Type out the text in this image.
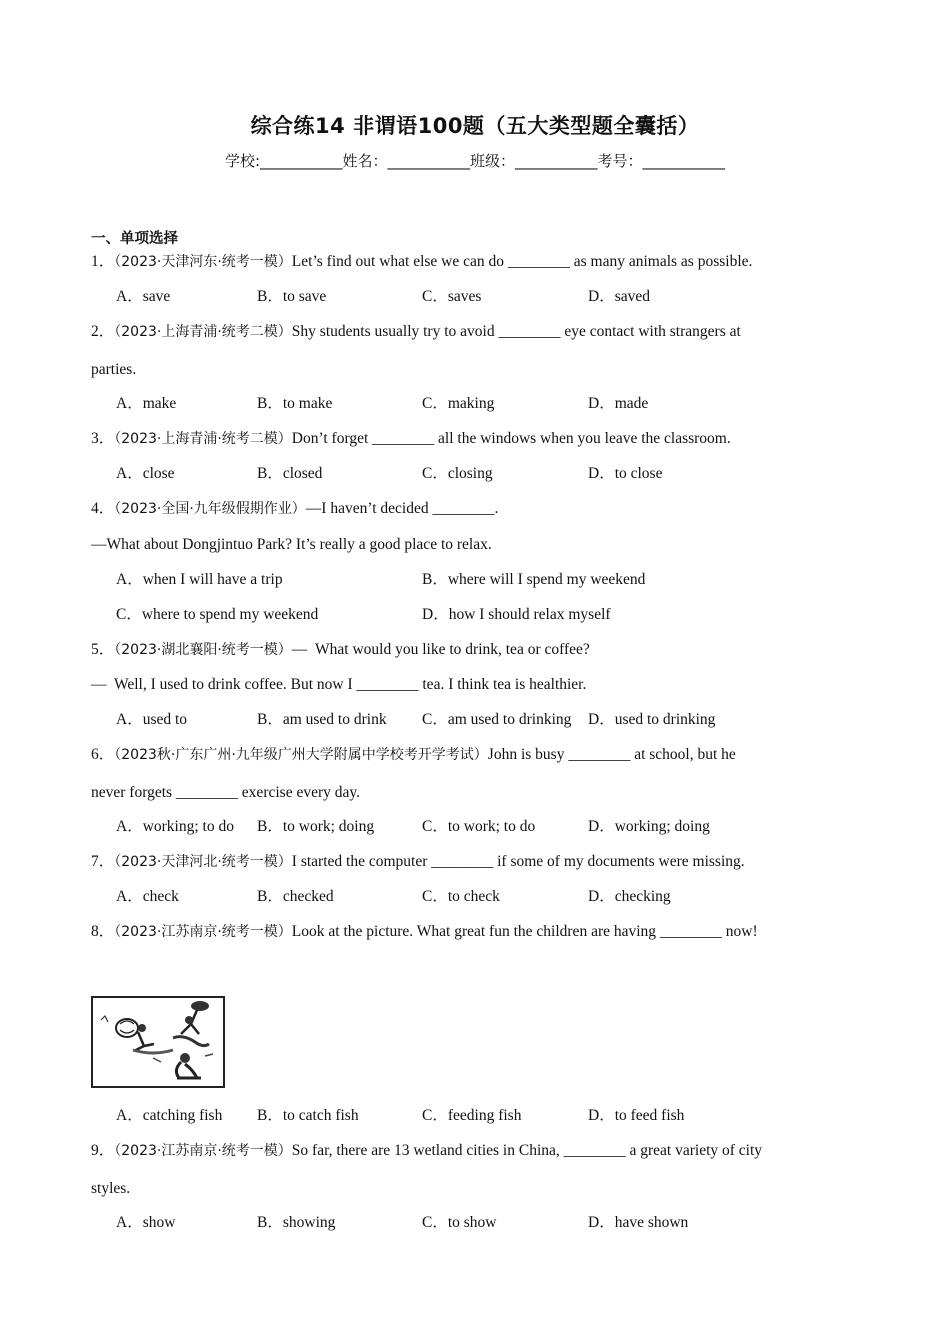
综合练14 非谓语100题（五大类型题全囊括）
学校:___________姓名：___________班级：___________考号：___________
一、单项选择
1．（2023·天津河东·统考一模）Let’s find out what else we can do ________ as many animals as possible.
A．save	B．to save	C．saves	D．saved
2．（2023·上海青浦·统考二模）Shy students usually try to avoid ________ eye contact with strangers at
parties.
A．make	B．to make	C．making	D．made
3．（2023·上海青浦·统考二模）Don’t forget ________ all the windows when you leave the classroom.
A．close	B．closed	C．closing	D．to close
4．（2023·全国·九年级假期作业）—I haven’t decided ________.
—What about Dongjintuo Park? It’s really a good place to relax.
A．when I will have a trip	B．where will I spend my weekend
C．where to spend my weekend	D．how I should relax myself
5．（2023·湖北襄阳·统考一模）—  What would you like to drink, tea or coffee?
—  Well, I used to drink coffee. But now I ________ tea. I think tea is healthier.
A．used to	B．am used to drink C．am used to drinking D．used to drinking
6．（2023秋·广东广州·九年级广州大学附属中学校考开学考试）John is busy ________ at school, but he
never forgets ________ exercise every day.
A．working; to do B．to work; doing	C．to work; to do	D．working; doing
7．（2023·天津河北·统考一模）I started the computer ________ if some of my documents were missing.
A．check	B．checked	C．to check	D．checking
8．（2023·江苏南京·统考一模）Look at the picture. What great fun the children are having ________ now!
A．catching fish B．to catch fish	C．feeding fish	D．to feed fish
9．（2023·江苏南京·统考一模）So far, there are 13 wetland cities in China, ________ a great variety of city
styles.
A．show	B．showing	C．to show	D．have shown
